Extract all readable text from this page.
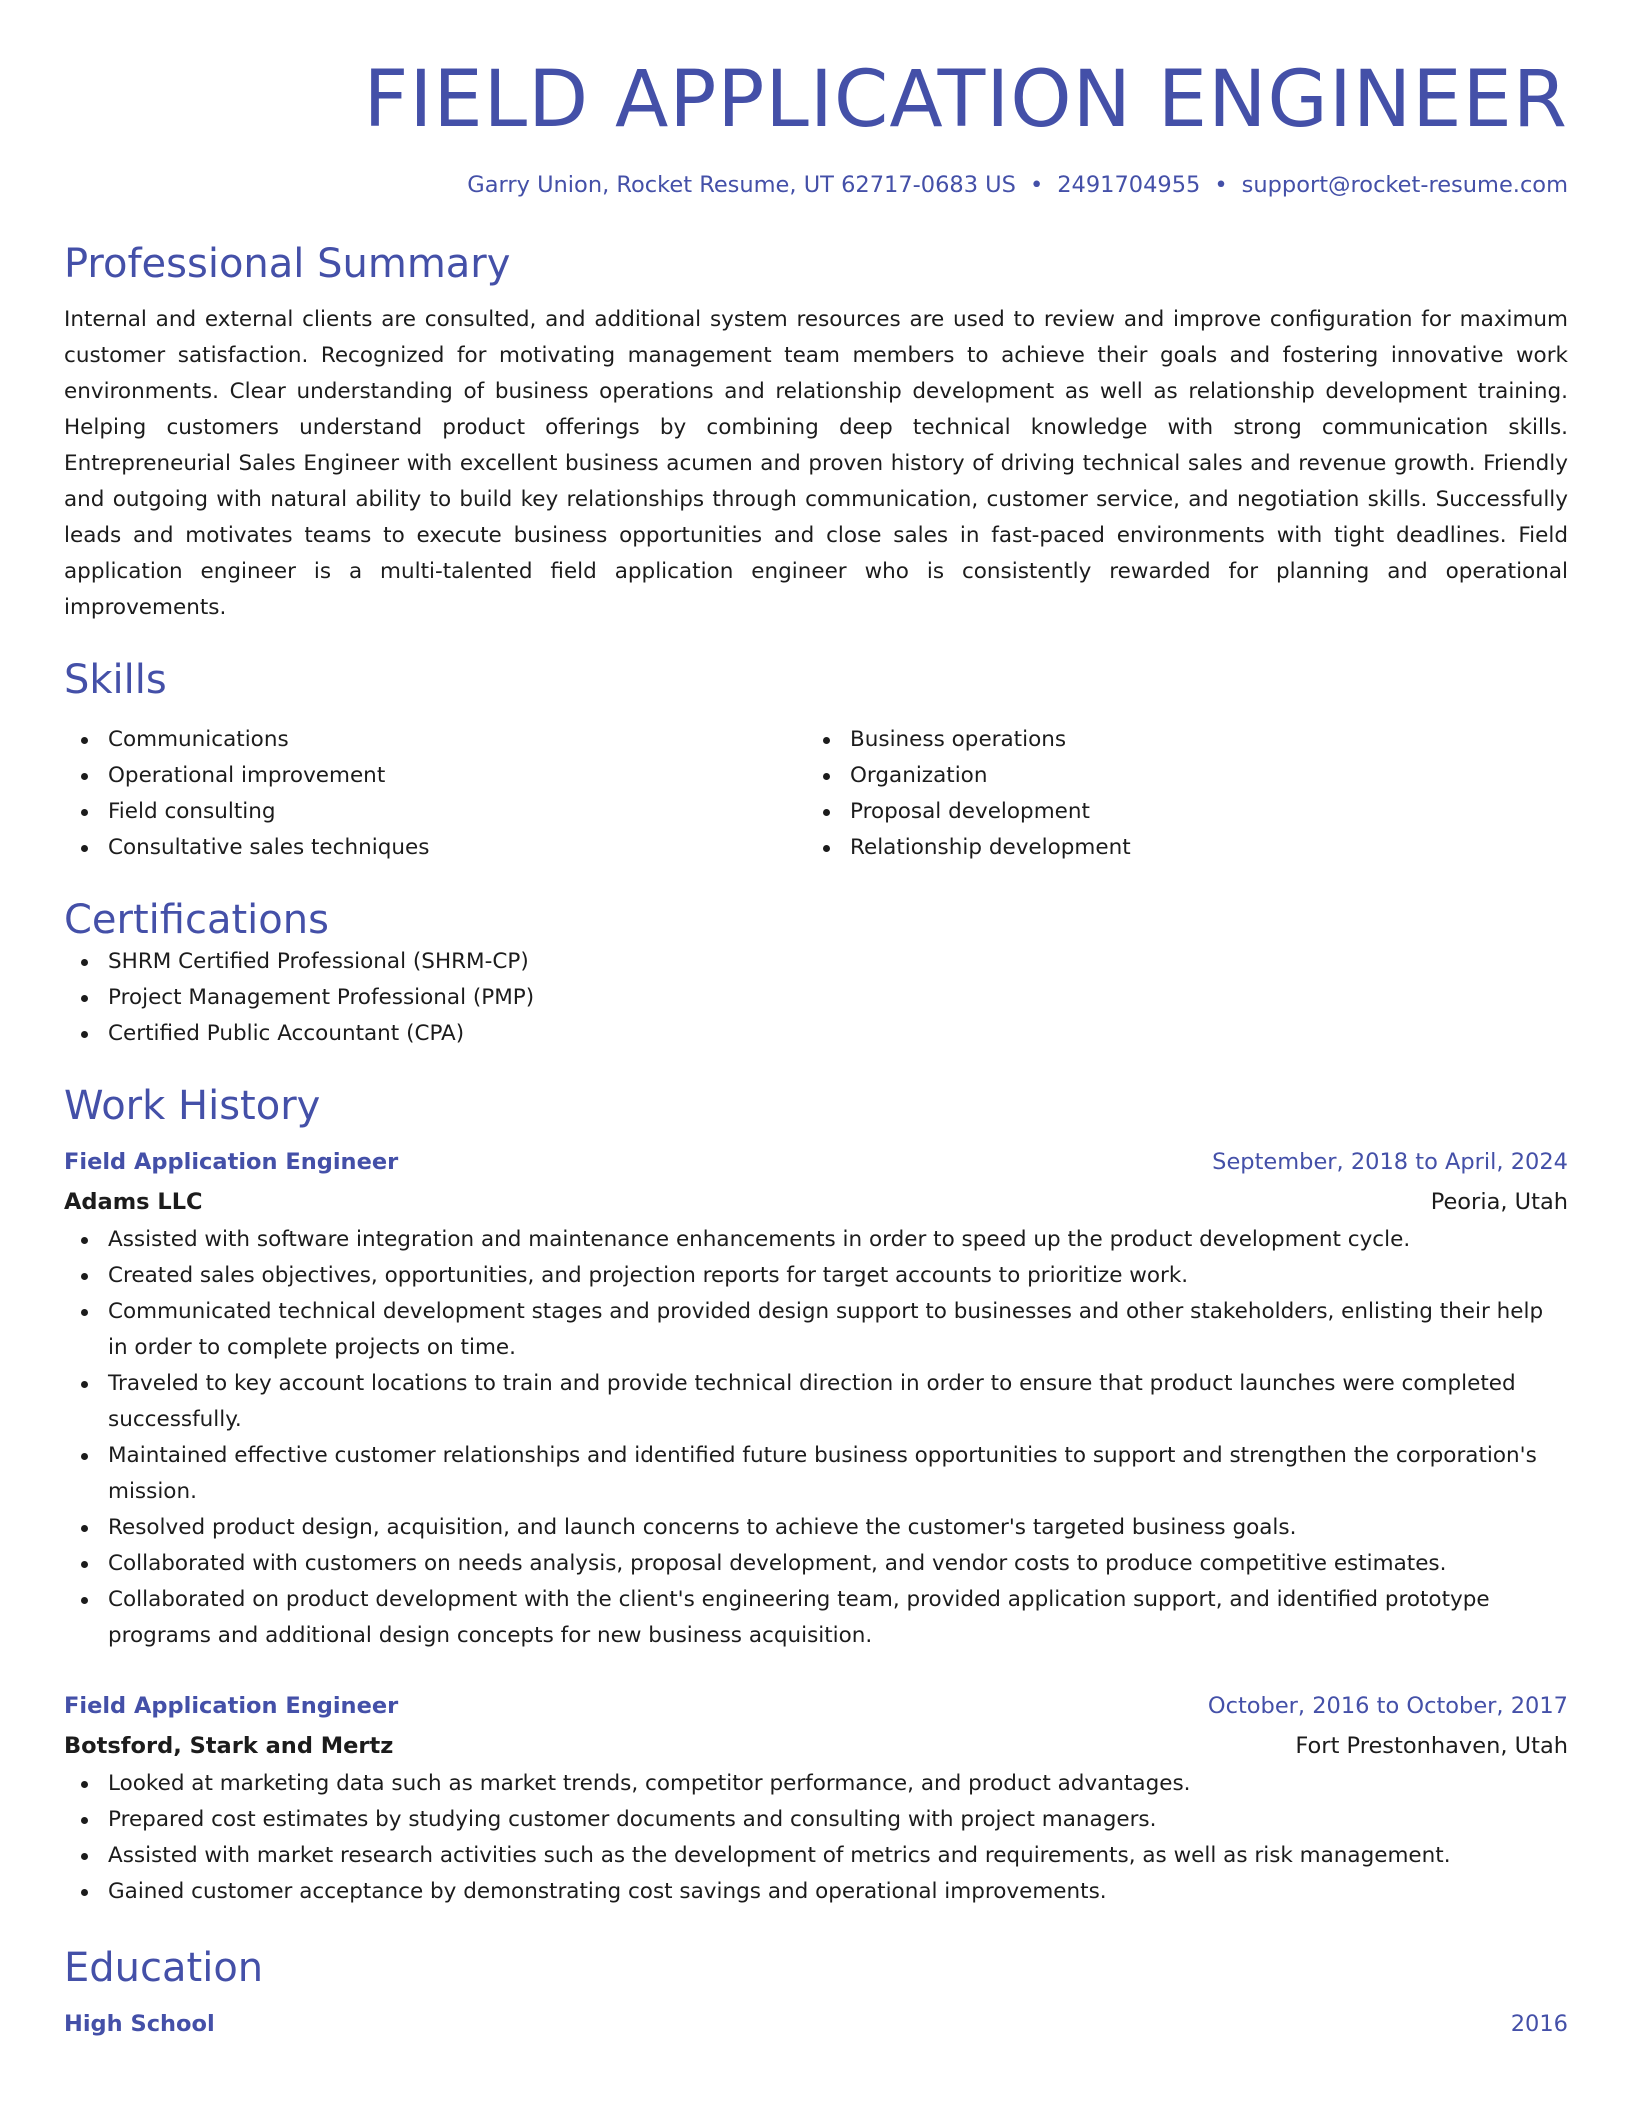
FIELD APPLICATION ENGINEER
Garry Union, Rocket Resume, UT 62717-0683 US • 2491704955 • support@rocket-resume.com
Professional Summary
Internal and external clients are consulted, and additional system resources are used to review and improve configuration for maximum customer satisfaction. Recognized for motivating management team members to achieve their goals and fostering innovative work environments. Clear understanding of business operations and relationship development as well as relationship development training. Helping customers understand product offerings by combining deep technical knowledge with strong communication skills. Entrepreneurial Sales Engineer with excellent business acumen and proven history of driving technical sales and revenue growth. Friendly and outgoing with natural ability to build key relationships through communication, customer service, and negotiation skills. Successfully leads and motivates teams to execute business opportunities and close sales in fast-paced environments with tight deadlines. Field application engineer is a multi-talented field application engineer who is consistently rewarded for planning and operational improvements.
Skills
Communications
Operational improvement
Field consulting
Consultative sales techniques
Business operations
Organization
Proposal development
Relationship development
Certifications
SHRM Certified Professional (SHRM-CP)
Project Management Professional (PMP)
Certified Public Accountant (CPA)
Work History
Field Application Engineer	September, 2018 to April, 2024
Adams LLC	Peoria, Utah
Assisted with software integration and maintenance enhancements in order to speed up the product development cycle.
Created sales objectives, opportunities, and projection reports for target accounts to prioritize work.
Communicated technical development stages and provided design support to businesses and other stakeholders, enlisting their help in order to complete projects on time.
Traveled to key account locations to train and provide technical direction in order to ensure that product launches were completed successfully.
Maintained effective customer relationships and identified future business opportunities to support and strengthen the corporation's mission.
Resolved product design, acquisition, and launch concerns to achieve the customer's targeted business goals.
Collaborated with customers on needs analysis, proposal development, and vendor costs to produce competitive estimates.
Collaborated on product development with the client's engineering team, provided application support, and identified prototype programs and additional design concepts for new business acquisition.
Field Application Engineer	October, 2016 to October, 2017
Botsford, Stark and Mertz	Fort Prestonhaven, Utah
Looked at marketing data such as market trends, competitor performance, and product advantages.
Prepared cost estimates by studying customer documents and consulting with project managers.
Assisted with market research activities such as the development of metrics and requirements, as well as risk management.
Gained customer acceptance by demonstrating cost savings and operational improvements.
Education
High School	2016
